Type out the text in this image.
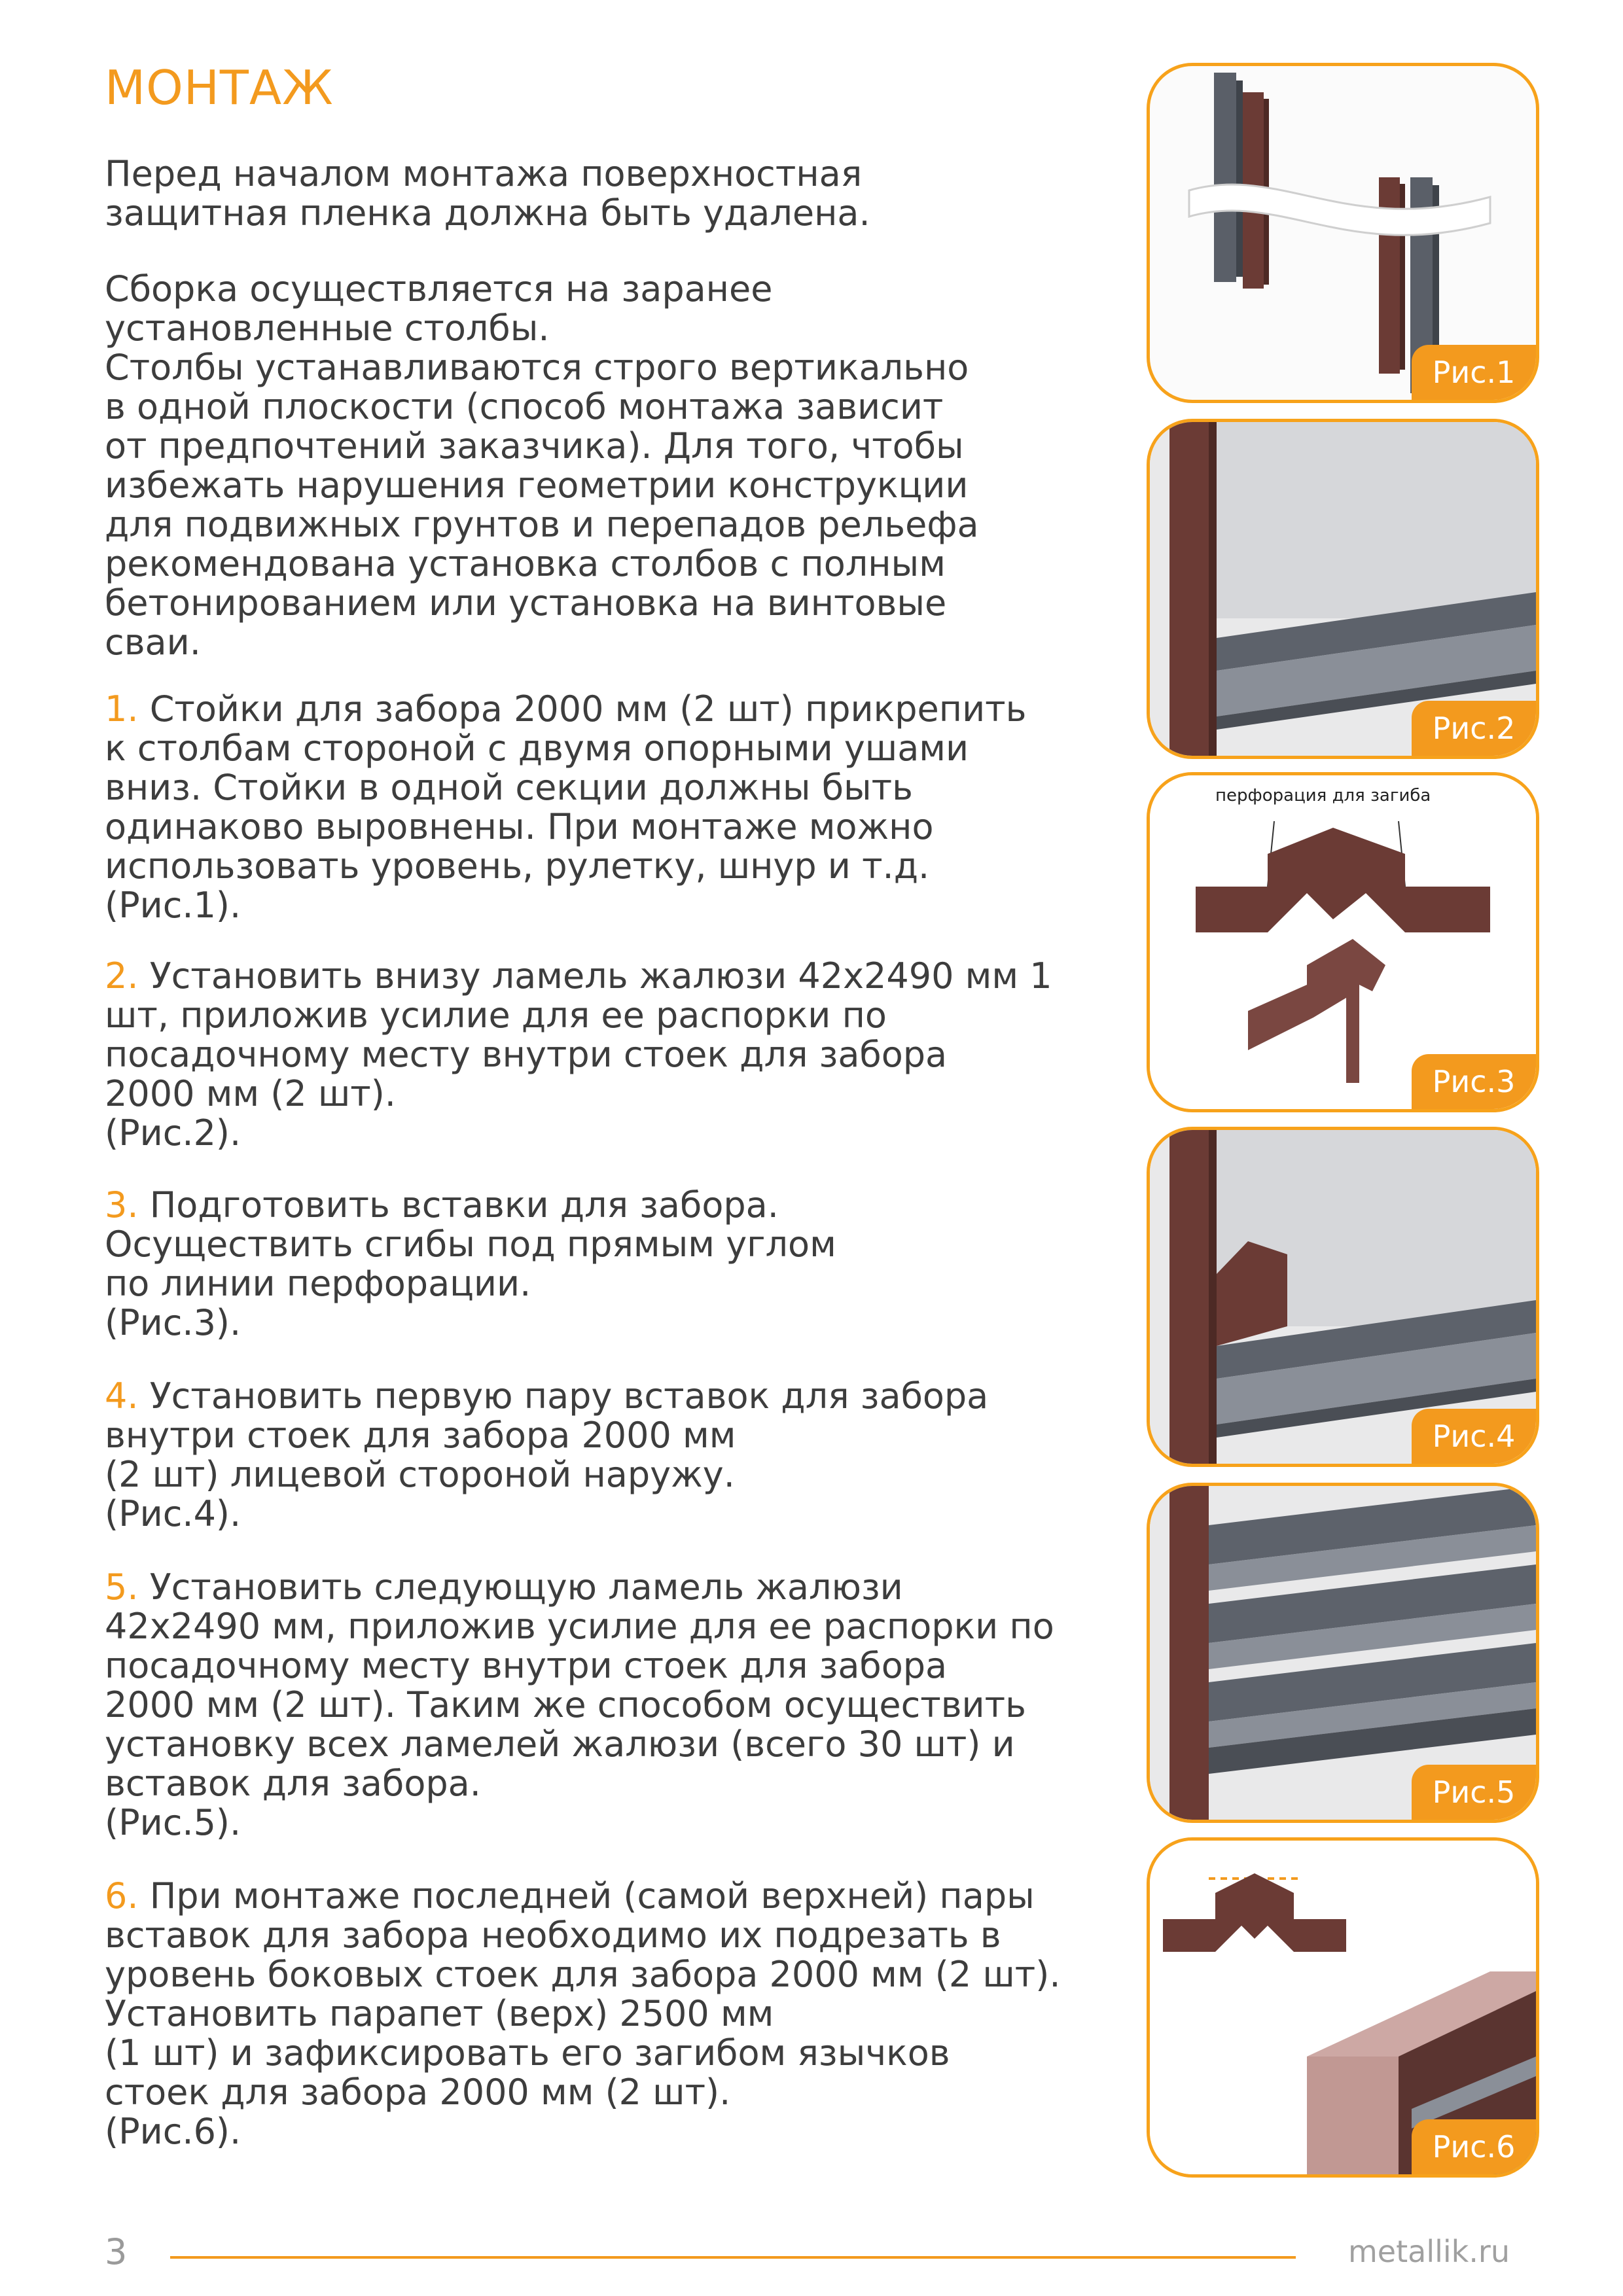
МОНТАЖ

Перед началом монтажа поверхностная

защитная пленка должна быть удалена.

Сборка осуществляется на заранее

установленные столбы.

Столбы устанавливаются строго вертикально

в одной плоскости (способ монтажа зависит

от предпочтений заказчика). Для того, чтобы

избежать нарушения геометрии конструкции

для подвижных грунтов и перепадов рельефа

рекомендована установка столбов с полным

бетонированием или установка на винтовые

сваи.

1. Стойки для забора 2000 мм (2 шт) прикрепить

к столбам стороной с двумя опорными ушами

вниз. Стойки в одной секции должны быть

одинаково выровнены. При монтаже можно

использовать уровень, рулетку, шнур и т.д.

(Рис.1).

2. Установить внизу ламель жалюзи 42х2490 мм 1

шт, приложив усилие для ее распорки по

посадочному месту внутри стоек для забора

2000 мм (2 шт).

(Рис.2).

3. Подготовить вставки для забора.

Осуществить сгибы под прямым углом

по линии перфорации.

(Рис.3).

4. Установить первую пару вставок для забора

внутри стоек для забора 2000 мм

(2 шт) лицевой стороной наружу.

(Рис.4).

5. Установить следующую ламель жалюзи

42х2490 мм, приложив усилие для ее распорки по

посадочному месту внутри стоек для забора

2000 мм (2 шт). Таким же способом осуществить

установку всех ламелей жалюзи (всего 30 шт) и

вставок для забора.

(Рис.5).

6. При монтаже последней (самой верхней) пары

вставок для забора необходимо их подрезать в

уровень боковых стоек для забора 2000 мм (2 шт).

Установить парапет (верх) 2500 мм

(1 шт) и зафиксировать его загибом язычков

стоек для забора 2000 мм (2 шт).

(Рис.6).

Рис.1
Рис.2
перфорация для загиба
Рис.3
Рис.4
Рис.5
Рис.6
3	metallik.ru
